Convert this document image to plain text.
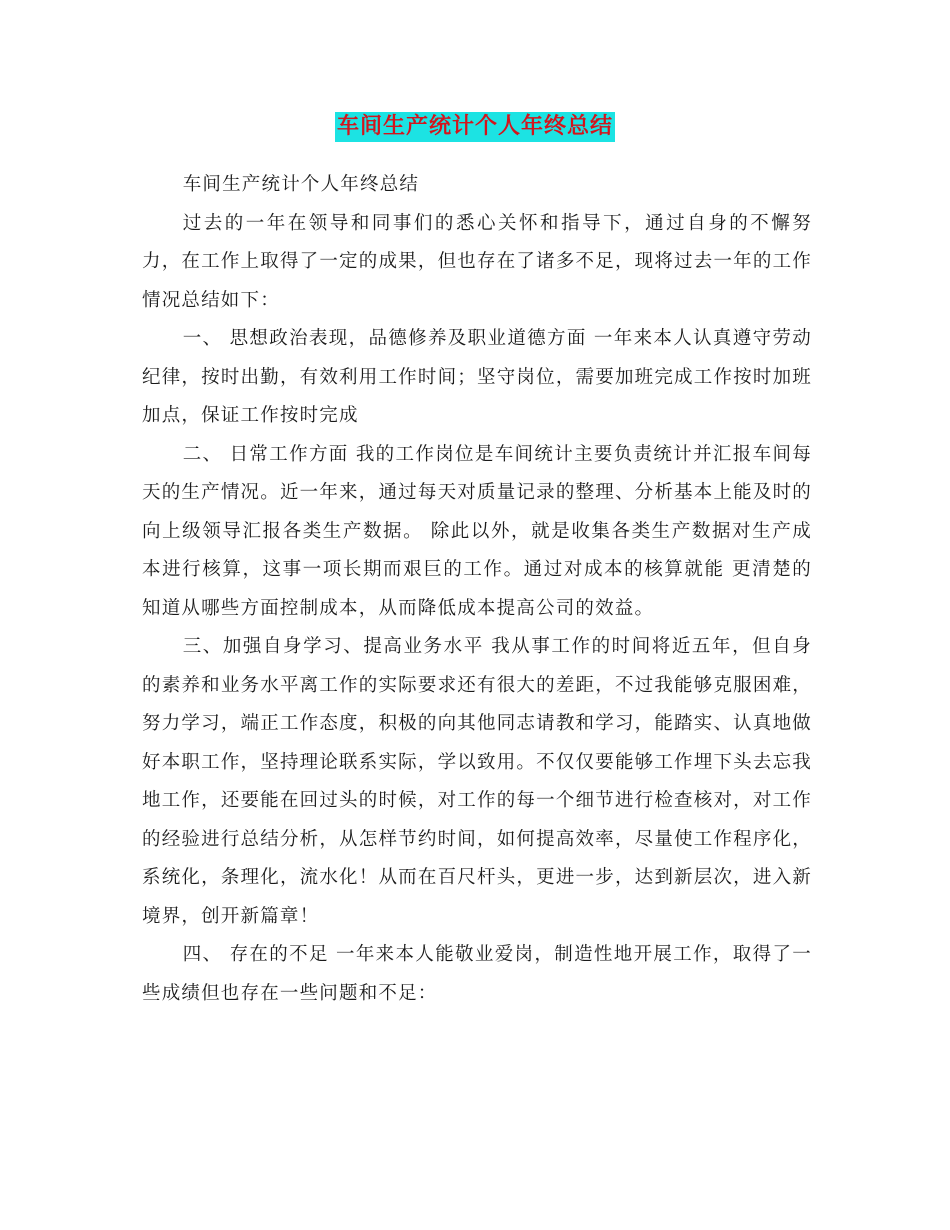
车间生产统计个人年终总结

车间生产统计个人年终总结

过去的一年在领导和同事们的悉心关怀和指导下，通过自身的不懈努力，在工作上取得了一定的成果，但也存在了诸多不足，现将过去一年的工作情况总结如下：

一、 思想政治表现，品德修养及职业道德方面 一年来本人认真遵守劳动纪律，按时出勤，有效利用工作时间；坚守岗位，需要加班完成工作按时加班加点，保证工作按时完成

二、 日常工作方面 我的工作岗位是车间统计主要负责统计并汇报车间每天的生产情况。近一年来，通过每天对质量记录的整理、分析基本上能及时的向上级领导汇报各类生产数据。 除此以外，就是收集各类生产数据对生产成本进行核算，这事一项长期而艰巨的工作。通过对成本的核算就能 更清楚的知道从哪些方面控制成本，从而降低成本提高公司的效益。

三、加强自身学习、提高业务水平 我从事工作的时间将近五年，但自身的素养和业务水平离工作的实际要求还有很大的差距，不过我能够克服困难，努力学习，端正工作态度，积极的向其他同志请教和学习，能踏实、认真地做好本职工作，坚持理论联系实际，学以致用。不仅仅要能够工作埋下头去忘我地工作，还要能在回过头的时候，对工作的每一个细节进行检查核对，对工作的经验进行总结分析，从怎样节约时间，如何提高效率，尽量使工作程序化，系统化，条理化，流水化！从而在百尺杆头，更进一步，达到新层次，进入新境界，创开新篇章！

四、 存在的不足 一年来本人能敬业爱岗，制造性地开展工作，取得了一些成绩但也存在一些问题和不足：
